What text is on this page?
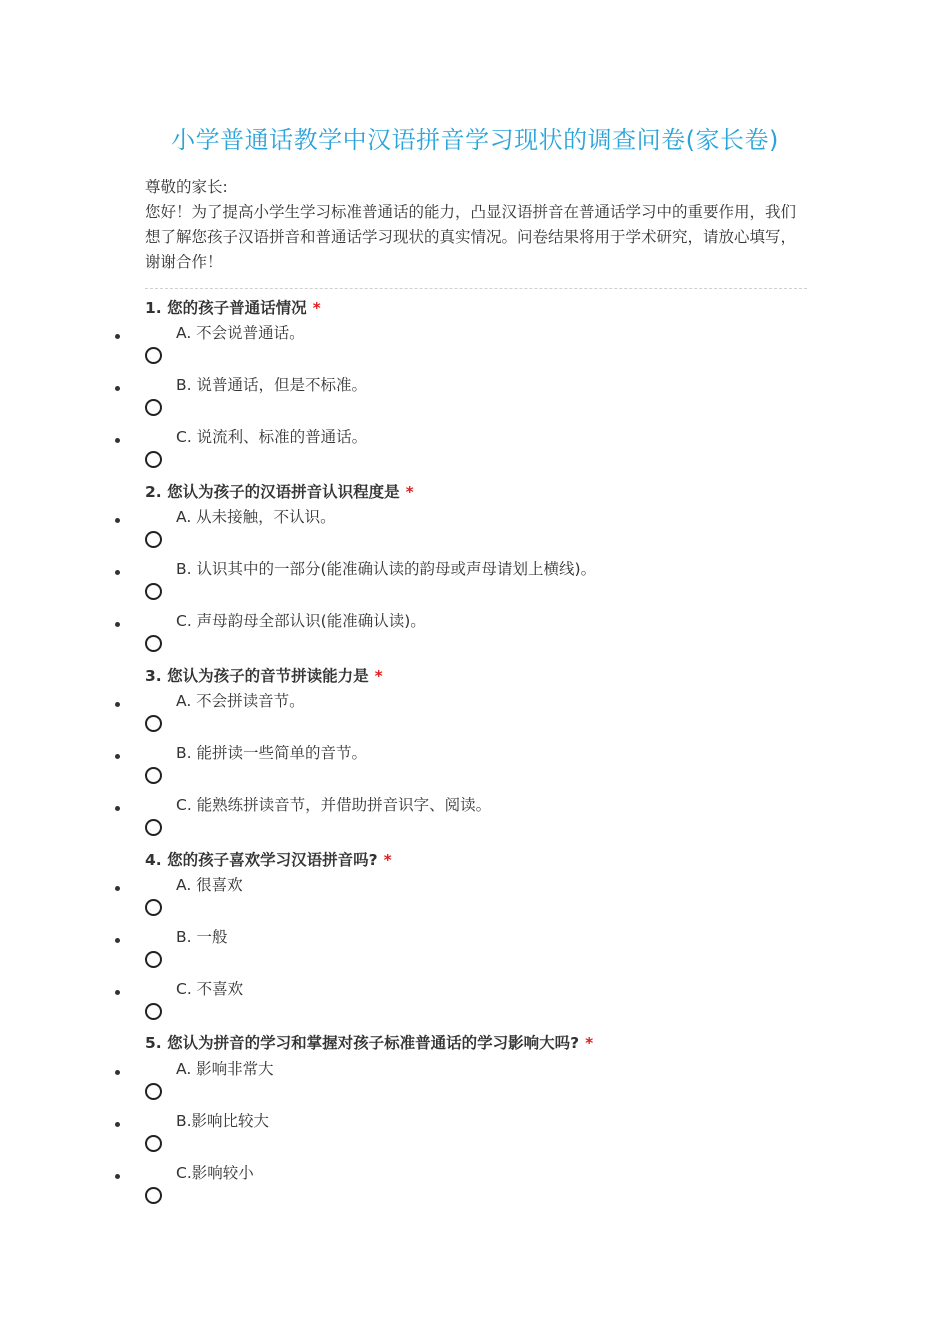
小学普通话教学中汉语拼音学习现状的调查问卷(家长卷)

尊敬的家长:

您好！为了提高小学生学习标准普通话的能力，凸显汉语拼音在普通话学习中的重要作用，我们想了解您孩子汉语拼音和普通话学习现状的真实情况。问卷结果将用于学术研究，请放心填写，谢谢合作！

1. 您的孩子普通话情况 *
A. 不会说普通话。
B. 说普通话，但是不标准。
C. 说流利、标准的普通话。
2. 您认为孩子的汉语拼音认识程度是 *
A. 从未接触，不认识。
B. 认识其中的一部分(能准确认读的韵母或声母请划上横线)。
C. 声母韵母全部认识(能准确认读)。
3. 您认为孩子的音节拼读能力是 *
A. 不会拼读音节。
B. 能拼读一些简单的音节。
C. 能熟练拼读音节，并借助拼音识字、阅读。
4. 您的孩子喜欢学习汉语拼音吗? *
A. 很喜欢
B. 一般
C. 不喜欢
5. 您认为拼音的学习和掌握对孩子标准普通话的学习影响大吗? *
A. 影响非常大
B.影响比较大
C.影响较小
